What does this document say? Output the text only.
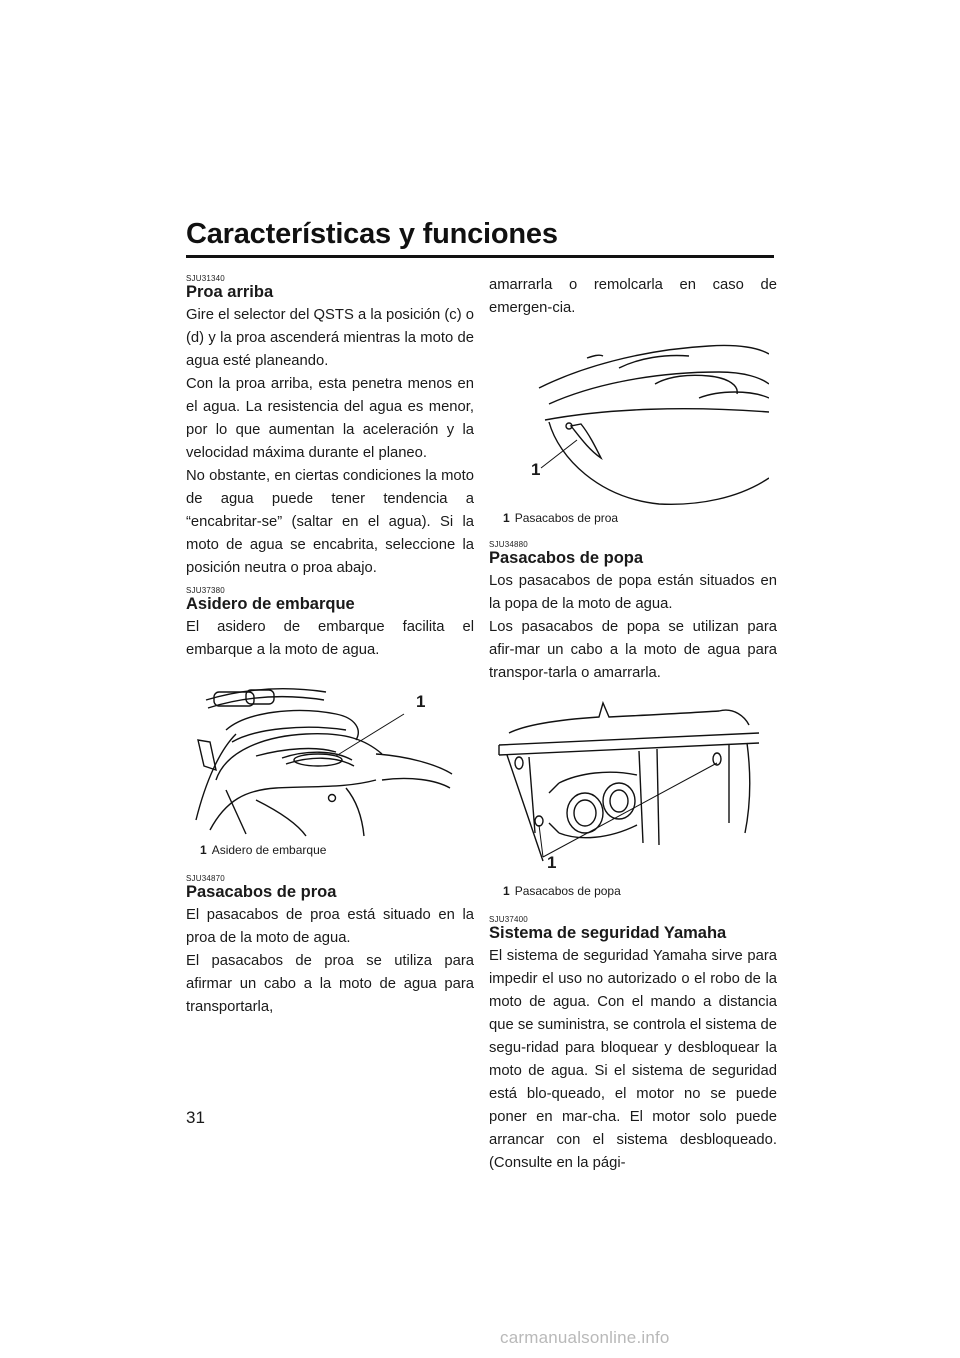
Características y funciones
SJU31340
Proa arriba

Gire el selector del QSTS a la posición (c) o (d) y la proa ascenderá mientras la moto de agua esté planeando.

Con la proa arriba, esta penetra menos en el agua. La resistencia del agua es menor, por lo que aumentan la aceleración y la velocidad máxima durante el planeo.

No obstante, en ciertas condiciones la moto de agua puede tener tendencia a “encabritar-se” (saltar en el agua). Si la moto de agua se encabrita, seleccione la posición neutra o proa abajo.

SJU37380
Asidero de embarque

El asidero de embarque facilita el embarque a la moto de agua.

1
1 Asidero de embarque
SJU34870
Pasacabos de proa

El pasacabos de proa está situado en la proa de la moto de agua.

El pasacabos de proa se utiliza para afirmar un cabo a la moto de agua para transportarla,

amarrarla o remolcarla en caso de emergen-cia.

1
1 Pasacabos de proa
SJU34880
Pasacabos de popa

Los pasacabos de popa están situados en la popa de la moto de agua.

Los pasacabos de popa se utilizan para afir-mar un cabo a la moto de agua para transpor-tarla o amarrarla.

1
1 Pasacabos de popa
SJU37400
Sistema de seguridad Yamaha

El sistema de seguridad Yamaha sirve para impedir el uso no autorizado o el robo de la moto de agua. Con el mando a distancia que se suministra, se controla el sistema de segu-ridad para bloquear y desbloquear la moto de agua. Si el sistema de seguridad está blo-queado, el motor no se puede poner en mar-cha. El motor solo puede arrancar con el sistema desbloqueado. (Consulte en la pági-

31
carmanualsonline.info
